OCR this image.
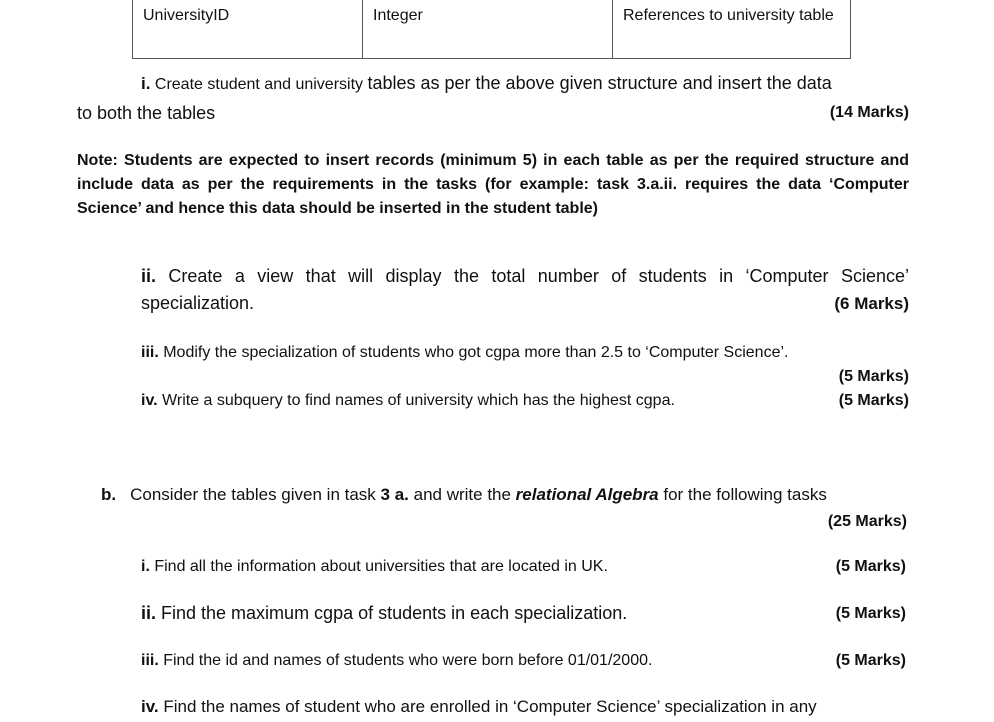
UniversityID	Integer	References to university table
i. Create student and university tables as per the above given structure and insert the data
to both the tables	(14 Marks)
Note: Students are expected to insert records (minimum 5) in each table as per the required structure and include data as per the requirements in the tasks (for example: task 3.a.ii. requires the data ‘Computer Science’ and hence this data should be inserted in the student table)
ii. Create a view that will display the total number of students in ‘Computer Science’
specialization.	(6 Marks)
iii. Modify the specialization of students who got cgpa more than 2.5 to ‘Computer Science’.
(5 Marks)
iv. Write a subquery to find names of university which has the highest cgpa.	(5 Marks)
b. Consider the tables given in task 3 a. and write the relational Algebra for the following tasks
(25 Marks)
i. Find all the information about universities that are located in UK.	(5 Marks)
ii. Find the maximum cgpa of students in each specialization.	(5 Marks)
iii. Find the id and names of students who were born before 01/01/2000.	(5 Marks)
iv. Find the names of student who are enrolled in ‘Computer Science’ specialization in any
